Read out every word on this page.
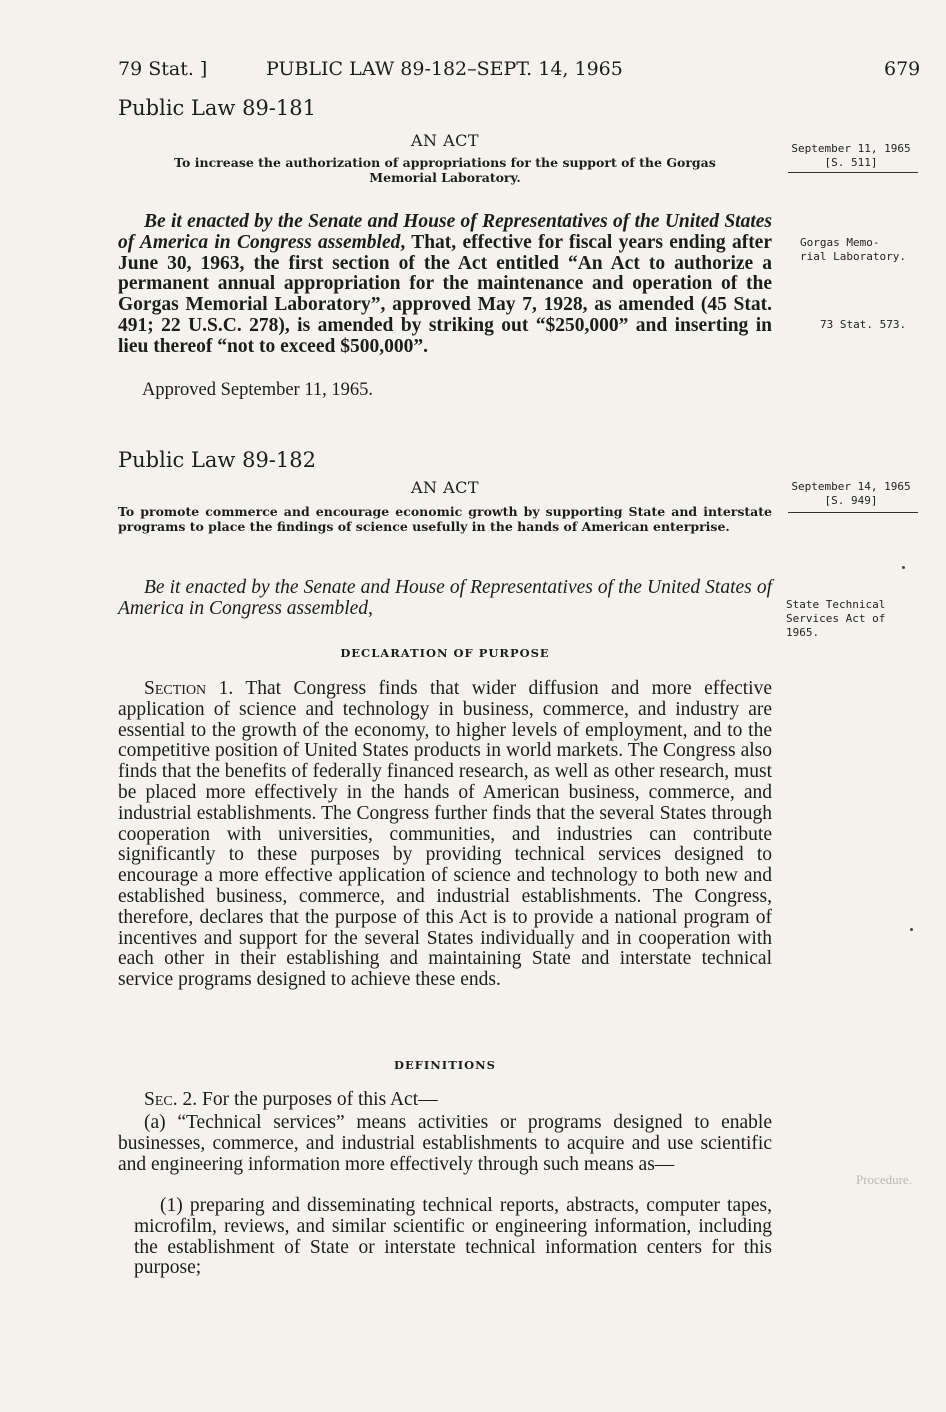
79 Stat. ]	PUBLIC LAW 89-182–SEPT. 14, 1965	679
Public Law 89-181
AN ACT
To increase the authorization of appropriations for the support of the Gorgas
Memorial Laboratory.
September 11, 1965
[S. 511]
Be it enacted by the Senate and House of Representatives of the United States of America in Congress assembled, That, effective for fiscal years ending after June 30, 1963, the first section of the Act entitled “An Act to authorize a permanent annual appropriation for the maintenance and operation of the Gorgas Memorial Laboratory”, approved May 7, 1928, as amended (45 Stat. 491; 22 U.S.C. 278), is amended by striking out “$250,000” and inserting in lieu thereof “not to exceed $500,000”.
Gorgas Memo-
rial Laboratory.
73 Stat. 573.
Approved September 11, 1965.
Public Law 89-182
AN ACT
To promote commerce and encourage economic growth by supporting State and interstate programs to place the findings of science usefully in the hands of American enterprise.
September 14, 1965
[S. 949]
Be it enacted by the Senate and House of Representatives of the United States of America in Congress assembled,	State Technical
Services Act of
1965.
DECLARATION OF PURPOSE
Section 1. That Congress finds that wider diffusion and more effective application of science and technology in business, commerce, and industry are essential to the growth of the economy, to higher levels of employment, and to the competitive position of United States products in world markets. The Congress also finds that the benefits of federally financed research, as well as other research, must be placed more effectively in the hands of American business, commerce, and industrial establishments. The Congress further finds that the several States through cooperation with universities, communities, and industries can contribute significantly to these purposes by providing technical services designed to encourage a more effective application of science and technology to both new and established business, commerce, and industrial establishments. The Congress, therefore, declares that the purpose of this Act is to provide a national program of incentives and support for the several States individually and in cooperation with each other in their establishing and maintaining State and interstate technical service programs designed to achieve these ends.
DEFINITIONS
Sec. 2. For the purposes of this Act—
(a) “Technical services” means activities or programs designed to enable businesses, commerce, and industrial establishments to acquire and use scientific and engineering information more effectively through such means as—
(1) preparing and disseminating technical reports, abstracts, computer tapes, microfilm, reviews, and similar scientific or engineering information, including the establishment of State or interstate technical information centers for this purpose;
Procedure.
